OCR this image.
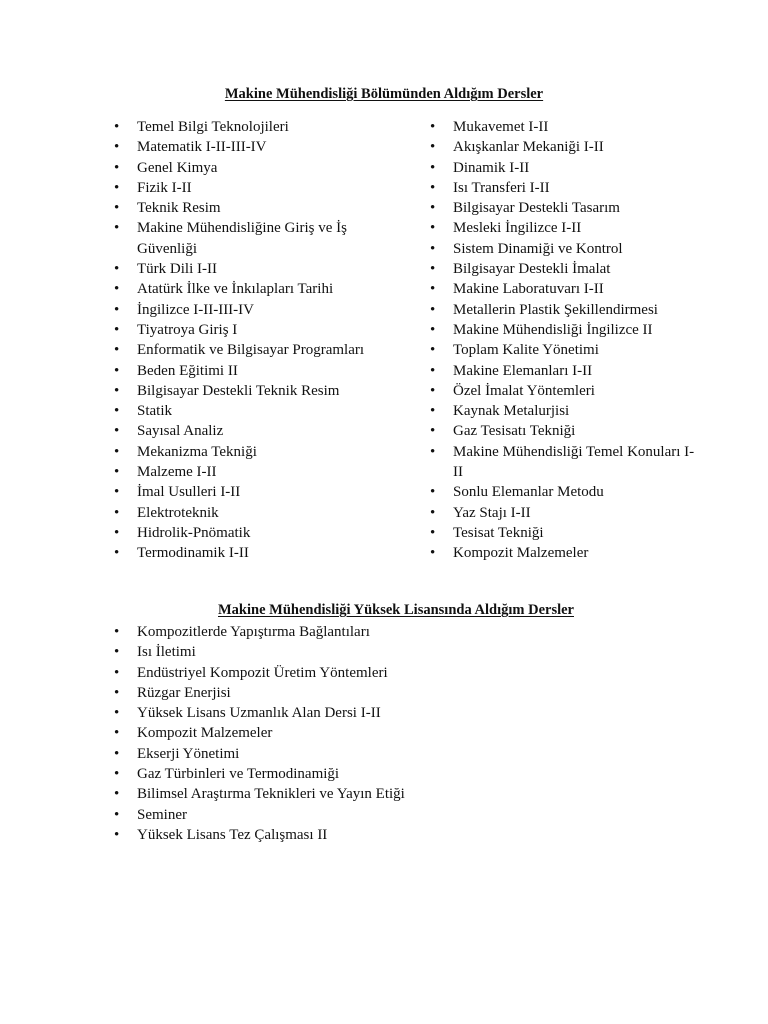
Makine Mühendisliği Bölümünden Aldığım Dersler
• Temel Bilgi Teknolojileri
• Matematik I-II-III-IV
• Genel Kimya
• Fizik I-II
• Teknik Resim
• Makine Mühendisliğine Giriş ve İş Güvenliği
• Türk Dili I-II
• Atatürk İlke ve İnkılapları Tarihi
• İngilizce I-II-III-IV
• Tiyatroya Giriş I
• Enformatik ve Bilgisayar Programları
• Beden Eğitimi II
• Bilgisayar Destekli Teknik Resim
• Statik
• Sayısal Analiz
• Mekanizma Tekniği
• Malzeme I-II
• İmal Usulleri I-II
• Elektroteknik
• Hidrolik-Pnömatik
• Termodinamik I-II
• Mukavemet I-II
• Akışkanlar Mekaniği I-II
• Dinamik I-II
• Isı Transferi I-II
• Bilgisayar Destekli Tasarım
• Mesleki İngilizce I-II
• Sistem Dinamiği ve Kontrol
• Bilgisayar Destekli İmalat
• Makine Laboratuvarı I-II
• Metallerin Plastik Şekillendirmesi
• Makine Mühendisliği İngilizce II
• Toplam Kalite Yönetimi
• Makine Elemanları I-II
• Özel İmalat Yöntemleri
• Kaynak Metalurjisi
• Gaz Tesisatı Tekniği
• Makine Mühendisliği Temel Konuları I-II
• Sonlu Elemanlar Metodu
• Yaz Stajı I-II
• Tesisat Tekniği
• Kompozit Malzemeler
Makine Mühendisliği Yüksek Lisansında Aldığım Dersler
• Kompozitlerde Yapıştırma Bağlantıları
• Isı İletimi
• Endüstriyel Kompozit Üretim Yöntemleri
• Rüzgar Enerjisi
• Yüksek Lisans Uzmanlık Alan Dersi I-II
• Kompozit Malzemeler
• Ekserji Yönetimi
• Gaz Türbinleri ve Termodinamiği
• Bilimsel Araştırma Teknikleri ve Yayın Etiği
• Seminer
• Yüksek Lisans Tez Çalışması II
